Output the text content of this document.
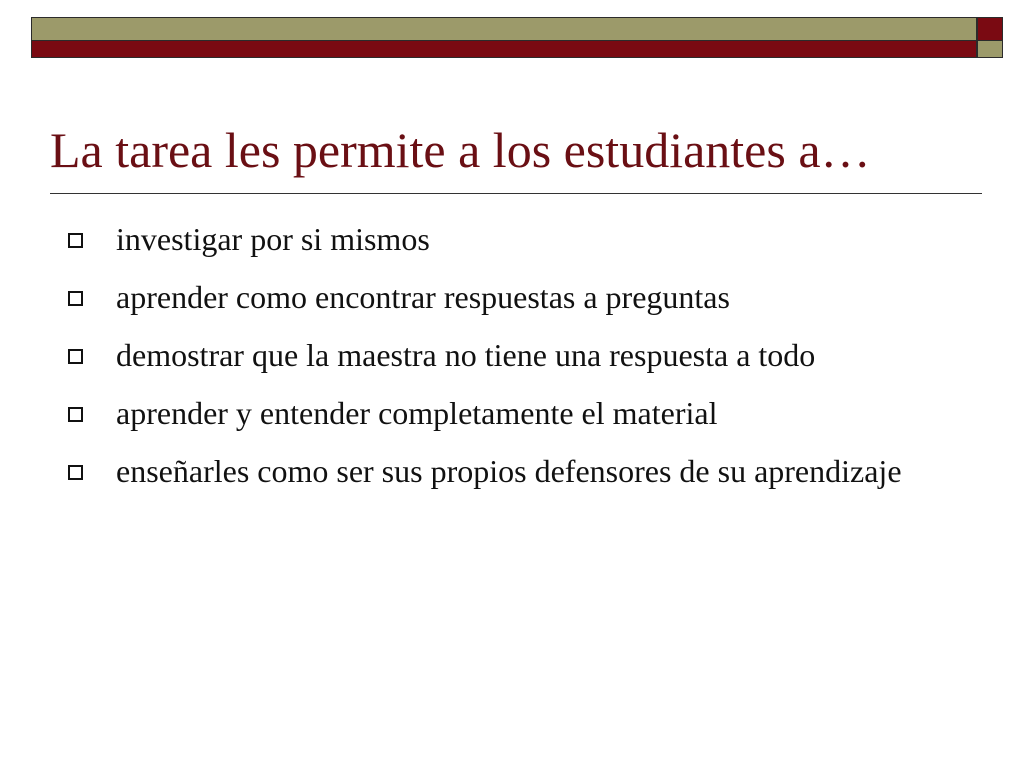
La tarea les permite a los estudiantes a…
investigar por si mismos
aprender como encontrar respuestas a preguntas
demostrar que la maestra no tiene una respuesta a todo
aprender y entender completamente el material
enseñarles como ser sus propios defensores de su aprendizaje
